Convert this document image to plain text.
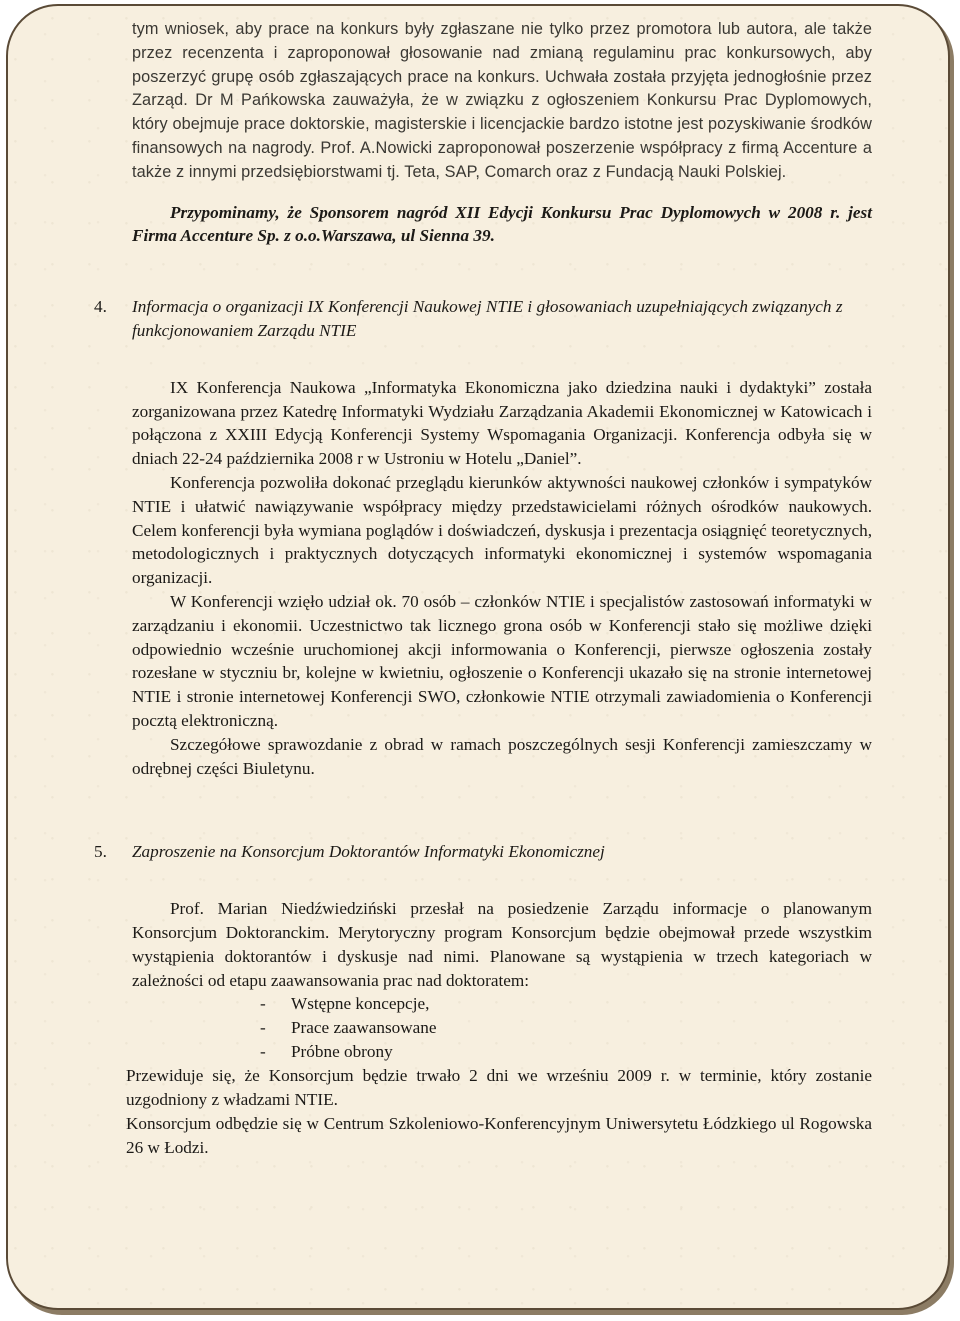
tym wniosek, aby prace na konkurs były zgłaszane nie tylko przez promotora lub autora, ale także przez recenzenta i zaproponował głosowanie nad zmianą regulaminu prac konkursowych, aby poszerzyć grupę osób zgłaszających prace na konkurs. Uchwała została przyjęta jednogłośnie przez Zarząd. Dr M Pańkowska zauważyła, że w związku z ogłoszeniem Konkursu Prac Dyplomowych, który obejmuje prace doktorskie, magisterskie i licencjackie bardzo istotne jest pozyskiwanie środków finansowych na nagrody. Prof. A.Nowicki zaproponował poszerzenie współpracy z firmą Accenture a także z innymi przedsiębiorstwami tj. Teta, SAP, Comarch oraz z Fundacją Nauki Polskiej.

Przypominamy, że Sponsorem nagród XII Edycji Konkursu Prac Dyplomowych w 2008 r. jest Firma Accenture Sp. z o.o.Warszawa, ul Sienna 39.

4. Informacja o organizacji IX Konferencji Naukowej NTIE i głosowaniach uzupełniających związanych z funkcjonowaniem Zarządu NTIE

IX Konferencja Naukowa „Informatyka Ekonomiczna jako dziedzina nauki i dydaktyki” została zorganizowana przez Katedrę Informatyki Wydziału Zarządzania Akademii Ekonomicznej w Katowicach i połączona z XXIII Edycją Konferencji Systemy Wspomagania Organizacji. Konferencja odbyła się w dniach 22-24 października 2008 r w Ustroniu w Hotelu „Daniel”.

Konferencja pozwoliła dokonać przeglądu kierunków aktywności naukowej członków i sympatyków NTIE i ułatwić nawiązywanie współpracy między przedstawicielami różnych ośrodków naukowych. Celem konferencji była wymiana poglądów i doświadczeń, dyskusja i prezentacja osiągnięć teoretycznych, metodologicznych i praktycznych dotyczących informatyki ekonomicznej i systemów wspomagania organizacji.

W Konferencji wzięło udział ok. 70 osób – członków NTIE i specjalistów zastosowań informatyki w zarządzaniu i ekonomii. Uczestnictwo tak licznego grona osób w Konferencji stało się możliwe dzięki odpowiednio wcześnie uruchomionej akcji informowania o Konferencji, pierwsze ogłoszenia zostały rozesłane w styczniu br, kolejne w kwietniu, ogłoszenie o Konferencji ukazało się na stronie internetowej NTIE i stronie internetowej Konferencji SWO, członkowie NTIE otrzymali zawiadomienia o Konferencji pocztą elektroniczną.

Szczegółowe sprawozdanie z obrad w ramach poszczególnych sesji Konferencji zamieszczamy w odrębnej części Biuletynu.

5. Zaproszenie na Konsorcjum Doktorantów Informatyki Ekonomicznej

Prof. Marian Niedźwiedziński przesłał na posiedzenie Zarządu informacje o planowanym Konsorcjum Doktoranckim. Merytoryczny program Konsorcjum będzie obejmował przede wszystkim wystąpienia doktorantów i dyskusje nad nimi. Planowane są wystąpienia w trzech kategoriach w zależności od etapu zaawansowania prac nad doktoratem:

- Wstępne koncepcje,
- Prace zaawansowane
- Próbne obrony

Przewiduje się, że Konsorcjum będzie trwało 2 dni we wrześniu 2009 r. w terminie, który zostanie uzgodniony z władzami NTIE.

Konsorcjum odbędzie się w Centrum Szkoleniowo-Konferencyjnym Uniwersytetu Łódzkiego ul Rogowska 26 w Łodzi.
